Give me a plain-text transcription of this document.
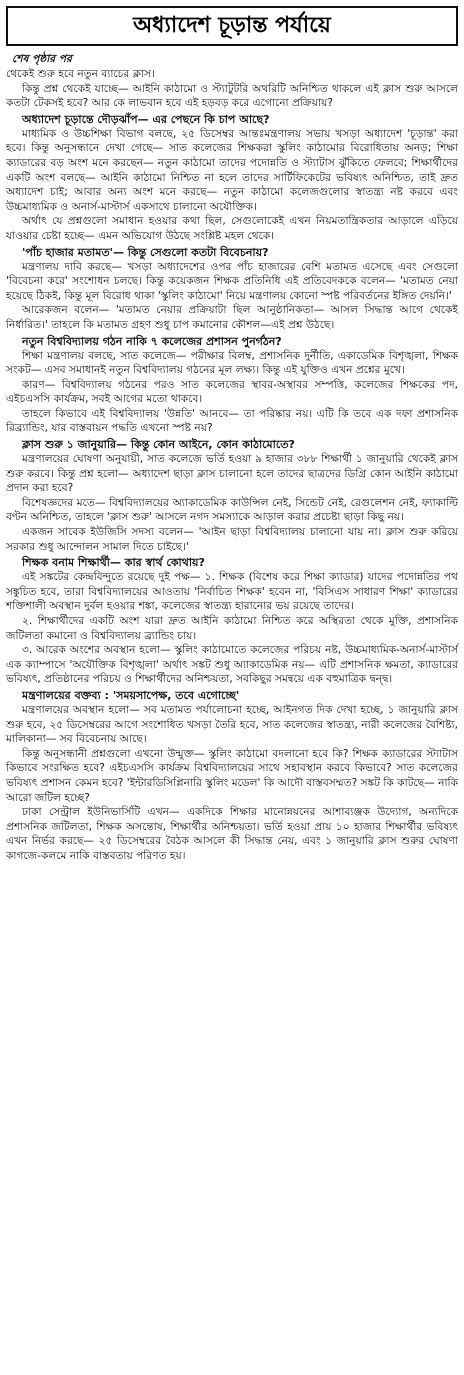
অধ্যাদেশ চূড়ান্ত পর্যায়ে
শেষ পৃষ্ঠার পর

থেকেই শুরু হবে নতুন ব্যাচের ক্লাস।

কিন্তু প্রশ্ন থেকেই যাচ্ছে— আইনি কাঠামো ও স্ট্যাটুটরি অথরিটি অনিশ্চিত থাকলে এই ক্লাস শুরু আসলে কতটা টেকসই হবে? আর কে লাভবান হবে এই হড়বড় করে এগোনো প্রক্রিয়ায়?

অধ্যাদেশ চূড়ান্তে দৌড়ঝাঁপ— এর পেছনে কি চাপ আছে?

মাধ্যমিক ও উচ্চশিক্ষা বিভাগ বলছে, ২৫ ডিসেম্বর আন্তঃমন্ত্রণালয় সভায় খসড়া অধ্যাদেশ 'চূড়ান্ত' করা হবে। কিন্তু অনুসন্ধানে দেখা গেছে— সাত কলেজের শিক্ষকরা স্কুলিং কাঠামোর বিরোধিতায় অনড়; শিক্ষা ক্যাডারের বড় অংশ মনে করছেন— নতুন কাঠামো তাদের পদোন্নতি ও স্ট্যাটাস ঝুঁকিতে ফেলবে; শিক্ষার্থীদের একটি অংশ বলছে— আইনি কাঠামো নিশ্চিত না হলে তাদের সার্টিফিকেটের ভবিষ্যৎ অনিশ্চিত, তাই দ্রুত অধ্যাদেশ চাই; আবার অন্য অংশ মনে করছে— নতুন কাঠামো কলেজগুলোর স্বাতন্ত্র্য নষ্ট করবে এবং উচ্চমাধ্যমিক ও অনার্স-মাস্টার্স একসাথে চালানো অযৌক্তিক।

অর্থাৎ যে প্রশ্নগুলো সমাধান হওয়ার কথা ছিল, সেগুলোকেই এখন নিয়মতান্ত্রিকতার আড়ালে এড়িয়ে যাওয়ার চেষ্টা হচ্ছে— এমন অভিযোগ উঠছে সংশ্লিষ্ট মহল থেকে।

'পাঁচ হাজার মতামত'— কিন্তু সেগুলো কতটা বিবেচনায়?

মন্ত্রণালয় দাবি করছে— খসড়া অধ্যাদেশের ওপর পাঁচ হাজারের বেশি মতামত এসেছে এবং সেগুলো 'বিবেচনা করে' সংশোধন চলছে। কিন্তু কয়েকজন শিক্ষক প্রতিনিধি এই প্রতিবেদককে বলেন— 'মতামত নেয়া হয়েছে ঠিকই, কিন্তু মূল বিরোধ থাকা 'স্কুলিং কাঠামো' নিয়ে মন্ত্রণালয় কোনো স্পষ্ট পরিবর্তনের ইঙ্গিত দেয়নি।'

আরেকজন বলেন— 'মতামত নেয়ার প্রক্রিয়াটা ছিল আনুষ্ঠানিকতা— আসল সিদ্ধান্ত আগে থেকেই নির্ধারিত।' তাহলে কি মতামত গ্রহণ শুধু চাপ কমানোর কৌশল—এই প্রশ্ন উঠছে।

নতুন বিশ্ববিদ্যালয় গঠন নাকি ৭ কলেজের প্রশাসন পুনর্গঠন?

শিক্ষা মন্ত্রণালয় বলছে, সাত কলেজে— পরীক্ষার বিলম্ব, প্রশাসনিক দুর্নীতি, একাডেমিক বিশৃঙ্খলা, শিক্ষক সংকট— এসব সমাধানই নতুন বিশ্ববিদ্যালয় গঠনের মূল লক্ষ্য। কিন্তু এই যুক্তিও এখন প্রশ্নের মুখে।

কারণ— বিশ্ববিদ্যালয় গঠনের পরও সাত কলেজের স্থাবর-অস্থাবর সম্পত্তি, কলেজের শিক্ষকের পদ, এইচএসসি কার্যক্রম, সবই আগের মতো থাকবে।

তাহলে কিভাবে এই বিশ্ববিদ্যালয় 'উন্নতি' আনবে— তা পরিষ্কার নয়। এটি কি তবে এক দফা প্রশাসনিক রিব্র্যান্ডিং, যার বাস্তবায়ন পদ্ধতি এখনো স্পষ্ট নয়?

ক্লাস শুরু ১ জানুয়ারি— কিন্তু কোন আইনে, কোন কাঠামোতে?

মন্ত্রণালয়ের ঘোষণা অনুযায়ী, সাত কলেজে ভর্তি হওয়া ৯ হাজার ৩৮৮ শিক্ষার্থী ১ জানুয়ারি থেকেই ক্লাস শুরু করবে। কিন্তু প্রশ্ন হলো— অধ্যাদেশ ছাড়া ক্লাস চালানো হলে তাদের ছাত্রদের ডিগ্রি কোন আইনি কাঠামো প্রদান করা হবে?

বিশেষজ্ঞদের মতে— বিশ্ববিদ্যালয়ের অ্যাকাডেমিক কাউন্সিল নেই, সিন্ডেট নেই, রেগুলেশন নেই, ফ্যাকাল্টি বণ্টন অনিশ্চিত, তাহলে 'ক্লাস শুরু' আসলে নগদ সমস্যাকে আড়াল করার প্রচেষ্টা ছাড়া কিছু নয়।

একজন সাবেক ইউজিসি সদস্য বলেন— 'আইন ছাড়া বিশ্ববিদ্যালয় চালানো যায় না। ক্লাস শুরু করিয়ে সরকার শুধু আন্দোলন সামাল দিতে চাইছে।'

শিক্ষক বনাম শিক্ষার্থী— কার স্বার্থ কোথায়?

এই সঙ্কটের কেন্দ্রবিন্দুতে রয়েছে দুই পক্ষ— ১. শিক্ষক (বিশেষ করে শিক্ষা ক্যাডার) যাদের পদোন্নতির পথ সঙ্কুচিত হবে, তারা বিশ্ববিদ্যালয়ের আওতায় 'নির্বাচিত শিক্ষক' হবেন না, 'বিসিএস সাধারণ শিক্ষা' ক্যাডারের শক্তিশালী অবস্থান দুর্বল হওয়ার শঙ্কা, কলেজের স্বাতন্ত্র্য হারানোর ভয় রয়েছে তাদের।

২. শিক্ষার্থীদের একটি অংশ যারা দ্রুত আইনি কাঠামো নিশ্চিত করে অস্থিরতা থেকে মুক্তি, প্রশাসনিক জটিলতা কমানো ও বিশ্ববিদ্যালয় ব্র্যান্ডিং চায়।

৩. আরেক অংশের অবস্থান হলো— স্কুলিং কাঠামোতে কলেজের পরিচয় নষ্ট, উচ্চমাধ্যমিক-অনার্স-মাস্টার্স এক ক্যাম্পাসে 'অযৌক্তিক বিশৃঙ্খলা' অর্থাৎ সঙ্কট শুধু অ্যাকাডেমিক নয়— এটি প্রশাসনিক ক্ষমতা, ক্যাডারের ভবিষ্যৎ, প্রতিষ্ঠানের পরিচয় ও শিক্ষার্থীদের অনিশ্চয়তা, সবকিছুর সমন্বয়ে এক বহুমাত্রিক দ্বন্দ্ব।

মন্ত্রণালয়ের বক্তব্য : 'সময়সাপেক্ষ, তবে এগোচ্ছে'

মন্ত্রণালয়ের অবস্থান হলো— সব মতামত পর্যালোচনা হচ্ছে, আইনগত দিক দেখা হচ্ছে, ১ জানুয়ারি ক্লাস শুরু হবে, ২৫ ডিসেম্বরের আগে সংশোধিত খসড়া তৈরি হবে, সাত কলেজের স্বাতন্ত্র্য, নারী কলেজের বৈশিষ্ট্য, মালিকানা— সব বিবেচনায় আছে।

কিন্তু অনুসন্ধানী প্রশ্নগুলো এখনো উন্মুক্ত— স্কুলিং কাঠামো বদলানো হবে কি? শিক্ষক ক্যাডারের স্ট্যাটাস কিভাবে সংরক্ষিত হবে? এইচএসসি কার্যক্রম বিশ্ববিদ্যালয়ের সাথে সহাবস্থান করবে কিভাবে? সাত কলেজের ভবিষ্যৎ প্রশাসন কেমন হবে? 'ইন্টারডিসিপ্লিনারি স্কুলিং মডেল' কি আদৌ বাস্তবসম্মত? সঙ্কট কি কাটছে— নাকি আরো জটিল হচ্ছে?

ঢাকা সেন্ট্রাল ইউনিভার্সিটি এখন— একদিকে শিক্ষার মানোন্নয়নের আশাব্যঞ্জক উদ্যোগ, অন্যদিকে প্রশাসনিক জটিলতা, শিক্ষক অসন্তোষ, শিক্ষার্থীর অনিশ্চয়তা। ভর্তি হওয়া প্রায় ১০ হাজার শিক্ষার্থীর ভবিষ্যৎ এখন নির্ভর করছে— ২৫ ডিসেম্বরের বৈঠক আসলে কী সিদ্ধান্ত নেয়, এবং ১ জানুয়ারি ক্লাস শুরুর ঘোষণা কাগজে-কলমে নাকি বাস্তবতায় পরিণত হয়।
